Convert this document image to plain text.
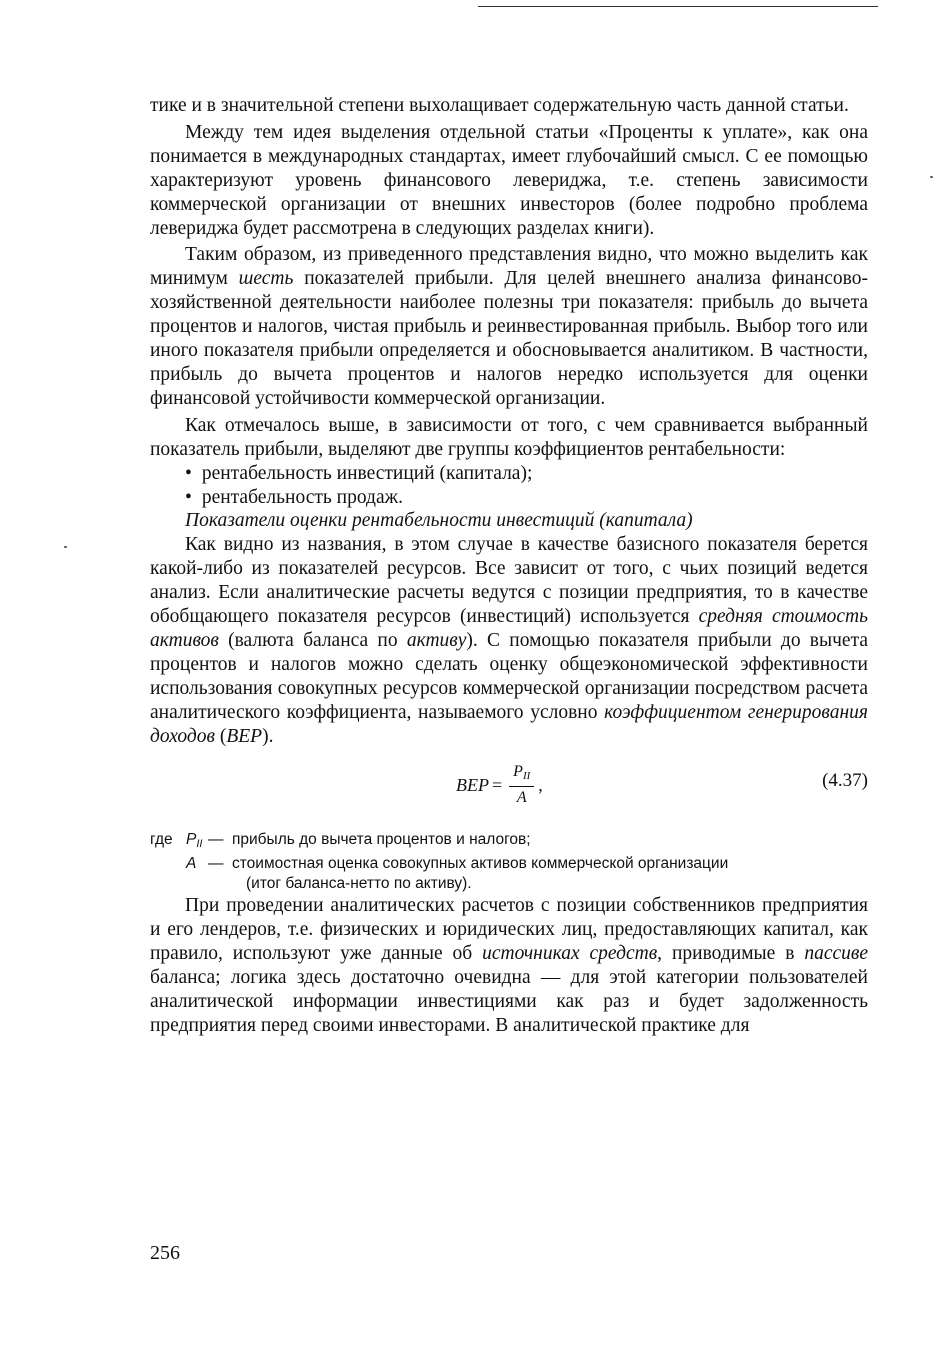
тике и в значительной степени выхолащивает содержательную часть данной статьи.

Между тем идея выделения отдельной статьи «Проценты к уплате», как она понимается в международных стандартах, имеет глубочайший смысл. С ее помощью характеризуют уровень финансового левериджа, т.е. степень зависимости коммерческой организации от внешних инвесторов (более подробно проблема левериджа будет рассмотрена в следующих разделах книги).

Таким образом, из приведенного представления видно, что можно выделить как минимум шесть показателей прибыли. Для целей внешнего анализа финансово-хозяйственной деятельности наиболее полезны три показателя: прибыль до вычета процентов и налогов, чистая прибыль и реинвестированная прибыль. Выбор того или иного показателя прибыли определяется и обосновывается аналитиком. В частности, прибыль до вычета процентов и налогов нередко используется для оценки финансовой устойчивости коммерческой организации.

Как отмечалось выше, в зависимости от того, с чем сравнивается выбранный показатель прибыли, выделяют две группы коэффициентов рентабельности:

• рентабельность инвестиций (капитала);
• рентабельность продаж.

Показатели оценки рентабельности инвестиций (капитала)

Как видно из названия, в этом случае в качестве базисного показателя берется какой-либо из показателей ресурсов. Все зависит от того, с чьих позиций ведется анализ. Если аналитические расчеты ведутся с позиции предприятия, то в качестве обобщающего показателя ресурсов (инвестиций) используется средняя стоимость активов (валюта баланса по активу). С помощью показателя прибыли до вычета процентов и налогов можно сделать оценку общеэкономической эффективности использования совокупных ресурсов коммерческой организации посредством расчета аналитического коэффициента, называемого условно коэффициентом генерирования доходов (BEP).

BEP = $\frac{P_{II}}{A}$ ,	(4.37)
где $P_{II}$ — прибыль до вычета процентов и налогов;
A — стоимостная оценка совокупных активов коммерческой организации
(итог баланса-нетто по активу).

При проведении аналитических расчетов с позиции собственников предприятия и его лендеров, т.е. физических и юридических лиц, предоставляющих капитал, как правило, используют уже данные об источниках средств, приводимые в пассиве баланса; логика здесь достаточно очевидна — для этой категории пользователей аналитической информации инвестициями как раз и будет задолженность предприятия перед своими инвесторами. В аналитической практике для

256
